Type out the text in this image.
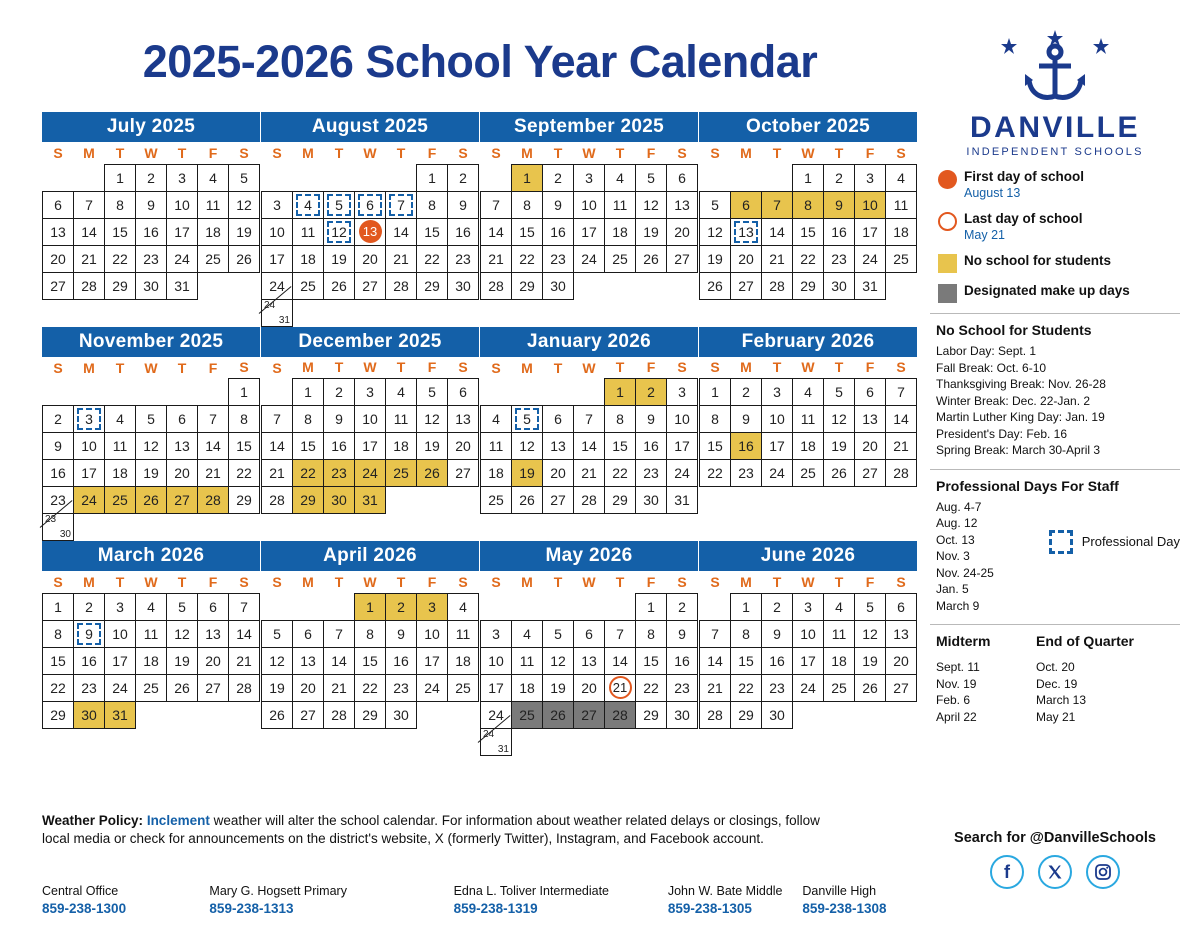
2025-2026 School Year Calendar
July 2025
S	M	T	W	T	F	S
		1	2	3	4	5
6	7	8	9	10	11	12
13	14	15	16	17	18	19
20	21	22	23	24	25	26
27	28	29	30	31		
August 2025
S	M	T	W	T	F	S
					1	2
3	4	5	6	7	8	9
10	11	12	13	14	15	16
17	18	19	20	21	22	23
24	25	26	27	28	29	30

24
31						

September 2025
S	M	T	W	T	F	S
	1	2	3	4	5	6
7	8	9	10	11	12	13
14	15	16	17	18	19	20
21	22	23	24	25	26	27
28	29	30				
October 2025
S	M	T	W	T	F	S
			1	2	3	4
5	6	7	8	9	10	11
12	13	14	15	16	17	18
19	20	21	22	23	24	25
26	27	28	29	30	31	
November 2025
S	M	T	W	T	F	S
						1
2	3	4	5	6	7	8
9	10	11	12	13	14	15
16	17	18	19	20	21	22
23	24	25	26	27	28	29

23
30						

December 2025
S	M	T	W	T	F	S
	1	2	3	4	5	6
7	8	9	10	11	12	13
14	15	16	17	18	19	20
21	22	23	24	25	26	27
28	29	30	31			
January 2026
S	M	T	W	T	F	S
				1	2	3
4	5	6	7	8	9	10
11	12	13	14	15	16	17
18	19	20	21	22	23	24
25	26	27	28	29	30	31
February 2026
S	M	T	W	T	F	S
1	2	3	4	5	6	7
8	9	10	11	12	13	14
15	16	17	18	19	20	21
22	23	24	25	26	27	28
March 2026
S	M	T	W	T	F	S
1	2	3	4	5	6	7
8	9	10	11	12	13	14
15	16	17	18	19	20	21
22	23	24	25	26	27	28
29	30	31				
April 2026
S	M	T	W	T	F	S
			1	2	3	4
5	6	7	8	9	10	11
12	13	14	15	16	17	18
19	20	21	22	23	24	25
26	27	28	29	30		
May 2026
S	M	T	W	T	F	S
					1	2
3	4	5	6	7	8	9
10	11	12	13	14	15	16
17	18	19	20	21	22	23
24	25	26	27	28	29	30

24
31						

June 2026
S	M	T	W	T	F	S
	1	2	3	4	5	6
7	8	9	10	11	12	13
14	15	16	17	18	19	20
21	22	23	24	25	26	27
28	29	30				
Weather Policy: Inclement weather will alter the school calendar. For information about weather related delays or closings, follow local media or check for announcements on the district's website, X (formerly Twitter), Instagram, and Facebook account.
Central Office
859-238-1300
Mary G. Hogsett Primary
859-238-1313
Edna L. Toliver Intermediate
859-238-1319
John W. Bate Middle
859-238-1305
Danville High
859-238-1308
DANVILLE
INDEPENDENT SCHOOLS
First day of school
August 13
Last day of school
May 21
No school for students
Designated make up days
No School for Students
Labor Day: Sept. 1
Fall Break: Oct. 6-10
Thanksgiving Break: Nov. 26-28
Winter Break: Dec. 22-Jan. 2
Martin Luther King Day: Jan. 19
President's Day: Feb. 16
Spring Break: March 30-April 3
Professional Days For Staff
Aug. 4-7
Aug. 12
Oct. 13
Nov. 3
Nov. 24-25
Jan. 5
March 9
Professional Day
Midterm
Sept. 11
Nov. 19
Feb. 6
April 22
End of Quarter
Oct. 20
Dec. 19
March 13
May 21
Search for @DanvilleSchools
f
